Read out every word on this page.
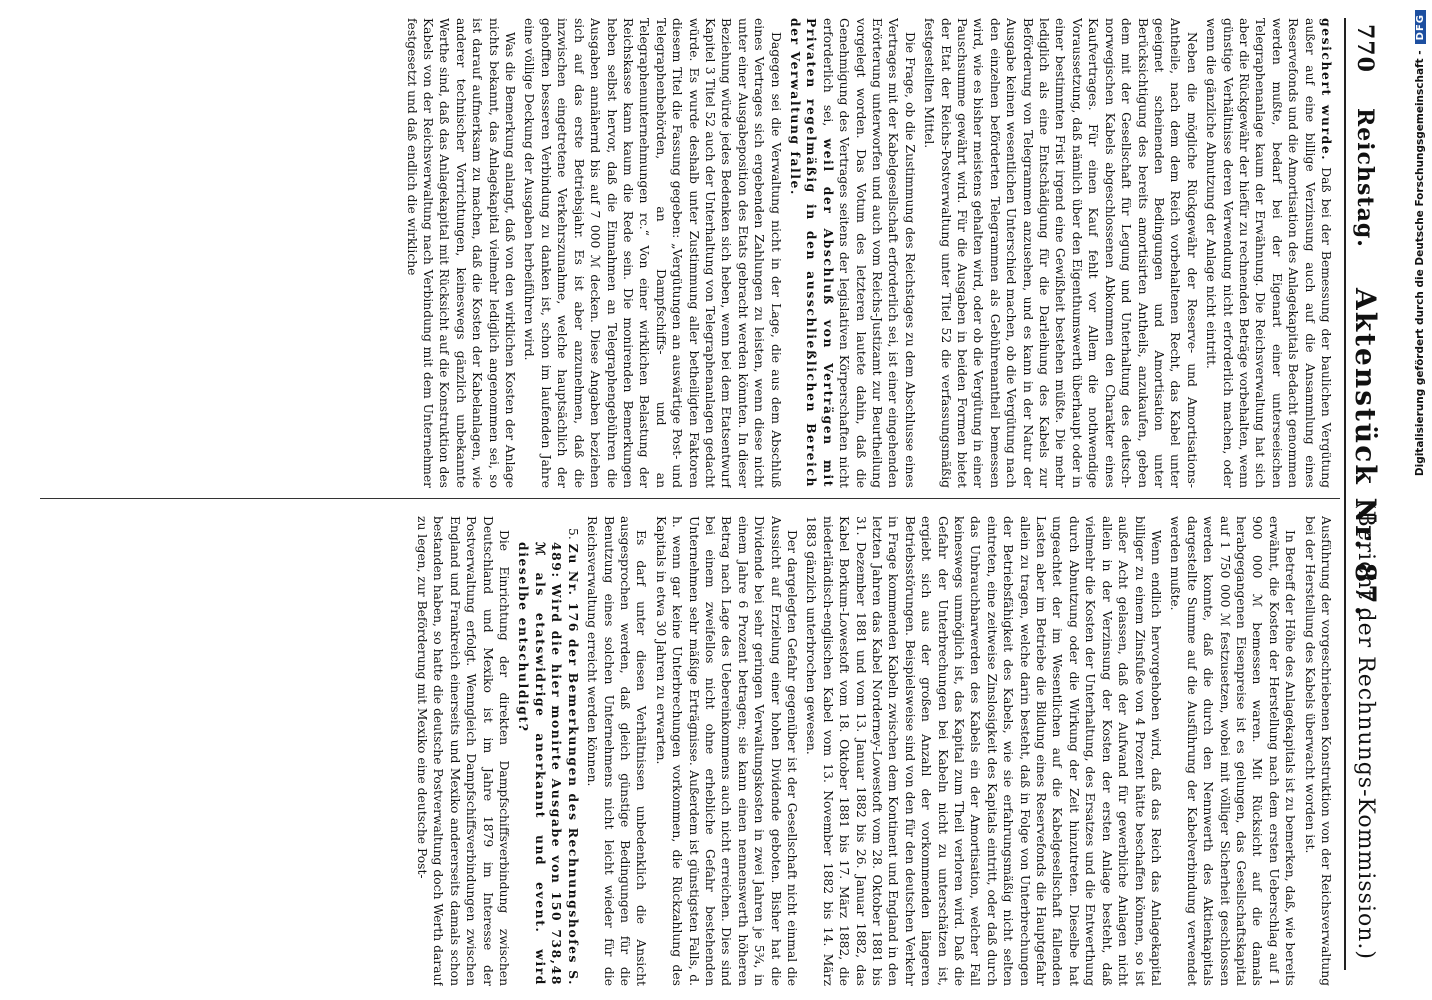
770
Reichstag.
Aktenstück Nr. 87.
(Bericht der Rechnungs-Kommission.)

gesichert wurde. Daß bei der Bemessung der baulichen Vergütung außer auf eine billige Verzinsung auch auf die Ansammlung eines Reservefonds und die Amortisation des Anlagekapitals Bedacht genommen werden mußte, bedarf bei der Eigenart einer unterseeischen Telegraphenanlage kaum der Erwähnung. Die Reichsverwaltung hat sich aber die Rückgewähr der hiefür zu rechnenden Beträge vorbehalten, wenn günstige Verhältnisse deren Verwendung nicht erforderlich machen, oder wenn die gänzliche Abnutzung der Anlage nicht eintritt.

Neben die mögliche Rückgewähr der Reserve- und Amortisations-Antheile, nach dem dem Reich vorbehaltenen Recht, das Kabel unter geeignet scheinenden Bedingungen und Amortisation unter Berücksichtigung des bereits amortisirten Antheils, anzukaufen, geben dem mit der Gesellschaft für Legung und Unterhaltung des deutsch-norwegischen Kabels abgeschlossenen Abkommen den Charakter eines Kaufvertrages. Für einen Kauf fehlt vor Allem die nothwendige Voraussetzung, daß nämlich über den Eigenthumswerth überhaupt oder in einer bestimmten Frist irgend eine Gewißheit bestehen müßte. Die mehr lediglich als eine Entschädigung für die Darleihung des Kabels zur Beförderung von Telegrammen anzusehen, und es kann in der Natur der Ausgabe keinen wesentlichen Unterschied machen, ob die Vergütung nach den einzelnen beförderten Telegrammen als Gebührenantheil bemessen wird, wie es bisher meistens gehalten wird, oder ob die Vergütung in einer Pauschsumme gewährt wird. Für die Ausgaben in beiden Formen bietet der Etat der Reichs-Postverwaltung unter Titel 52 die verfassungsmäßig festgestellten Mittel.

Die Frage, ob die Zustimmung des Reichstages zu dem Abschlusse eines Vertrages mit der Kabelgesellschaft erforderlich sei, ist einer eingehenden Erörterung unterworfen und auch vom Reichs-Justizamt zur Beurtheilung vorgelegt worden. Das Votum des letzteren lautete dahin, daß die Genehmigung des Vertrages seitens der legislativen Körperschaften nicht erforderlich sei, weil der Abschluß von Verträgen mit Privaten regelmäßig in den ausschließlichen Bereich der Verwaltung falle.

Dagegen sei die Verwaltung nicht in der Lage, die aus dem Abschluß eines Vertrages sich ergebenden Zahlungen zu leisten, wenn diese nicht unter einer Ausgabeposition des Etats gebracht werden könnten. In dieser Beziehung würde jedes Bedenken sich heben, wenn bei dem Etatsentwurf Kapitel 3 Titel 52 auch der Unterhaltung von Telegraphenanlagen gedacht würde. Es wurde deshalb unter Zustimmung aller betheiligten Faktoren diesem Titel die Fassung gegeben: „Vergütungen an auswärtige Post- und Telegraphenbehörden, an Dampfschiffs- und an Telegraphenunternehmungen rc.“ Von einer wirklichen Belastung der Reichskasse kann kaum die Rede sein. Die monirenden Bemerkungen heben selbst hervor, daß die Einnahmen an Telegraphengebühren die Ausgaben annähernd bis auf 7 000 ℳ decken. Diese Angaben beziehen sich auf das erste Betriebsjahr. Es ist aber anzunehmen, daß die inzwischen eingetretene Verkehrszunahme, welche hauptsächlich der gehofften besseren Verbindung zu danken ist, schon im laufenden Jahre eine völlige Deckung der Ausgaben herbeiführen wird.

Was die Bemerkung anlangt, daß von den wirklichen Kosten der Anlage nichts bekannt, das Anlagekapital vielmehr lediglich angenommen sei, so ist darauf aufmerksam zu machen, daß die Kosten der Kabelanlagen, wie anderer technischer Vorrichtungen, keineswegs gänzlich unbekannte Werthe sind, daß das Anlagekapital mit Rücksicht auf die Konstruktion des Kabels von der Reichsverwaltung nach Verbindung mit dem Unternehmer festgesetzt und daß endlich die wirkliche

Ausführung der vorgeschriebenen Konstruktion von der Reichsverwaltung bei der Herstellung des Kabels überwacht worden ist.

In Betreff der Höhe des Anlagekapitals ist zu bemerken, daß, wie bereits erwähnt, die Kosten der Herstellung nach dem ersten Ueberschlag auf 1 900 000 ℳ bemessen waren. Mit Rücksicht auf die damals herabgegangenen Eisenpreise ist es gelungen, das Gesellschaftskapital auf 1 750 000 ℳ festzusetzen, wobei mit völliger Sicherheit geschlossen werden konnte, daß die durch den Nennwerth des Aktienkapitals dargestellte Summe auf die Ausführung der Kabelverbindung verwendet werden mußte.

Wenn endlich hervorgehoben wird, daß das Reich das Anlagekapital billiger zu einem Zinsfuße von 4 Prozent hätte beschaffen können, so ist außer Acht gelassen, daß der Aufwand für gewerbliche Anlagen nicht allein in der Verzinsung der Kosten der ersten Anlage besteht, daß vielmehr die Kosten der Unterhaltung, des Ersatzes und die Entwerthung durch Abnutzung oder die Wirkung der Zeit hinzutreten. Dieselbe hat ungeachtet der im Wesentlichen auf die Kabelgesellschaft fallenden Lasten aber im Betriebe die Bildung eines Reservefonds die Hauptgefahr allein zu tragen, welche darin besteht, daß in Folge von Unterbrechungen der Betriebsfähigkeit des Kabels, wie sie erfahrungsmäßig nicht selten eintreten, eine zeitweise Zinslosigkeit des Kapitals eintritt, oder daß durch das Unbrauchbarwerden des Kabels ein der Amortisation, welcher Fall keineswegs unmöglich ist, das Kapital zum Theil verloren wird. Daß die Gefahr der Unterbrechungen bei Kabeln nicht zu unterschätzen ist, ergiebt sich aus der großen Anzahl der vorkommenden längeren Betriebsstörungen. Beispielsweise sind von den für den deutschen Verkehr in Frage kommenden Kabeln zwischen dem Kontinent und England in den letzten Jahren das Kabel Norderney-Lowestoft vom 28. Oktober 1881 bis 31. Dezember 1881 und vom 13. Januar 1882 bis 26. Januar 1882, das Kabel Borkum-Lowestoft vom 18. Oktober 1881 bis 17. März 1882, die niederländisch-englischen Kabel vom 13. November 1882 bis 14. März 1883 gänzlich unterbrochen gewesen.

Der dargelegten Gefahr gegenüber ist der Gesellschaft nicht einmal die Aussicht auf Erzielung einer hohen Dividende geboten. Bisher hat die Dividende bei sehr geringen Verwaltungskosten in zwei Jahren je 5¾, in einem Jahre 6 Prozent betragen; sie kann einen nennenswerth höheren Betrag nach Lage des Uebereinkommens auch nicht erreichen. Dies sind bei einem zweifellos nicht ohne erhebliche Gefahr bestehenden Unternehmen sehr mäßige Erträgnisse. Außerdem ist günstigsten Falls, d. h. wenn gar keine Unterbrechungen vorkommen, die Rückzahlung des Kapitals in etwa 30 Jahren zu erwarten.

Es darf unter diesen Verhältnissen unbedenklich die Ansicht ausgesprochen werden, daß gleich günstige Bedingungen für die Benutzung eines solchen Unternehmens nicht leicht wieder für die Reichsverwaltung erreicht werden können.

5. Zu Nr. 176 der Bemerkungen des Rechnungshofes S. 489: Wird die hier monirte Ausgabe von 150 738,48 ℳ als etatswidrige anerkannt und event. wird dieselbe entschuldigt?

Die Einrichtung der direkten Dampfschiffsverbindung zwischen Deutschland und Mexiko ist im Jahre 1879 im Interesse der Postverwaltung erfolgt. Wenngleich Dampfschiffsverbindungen zwischen England und Frankreich einerseits und Mexiko andererseits damals schon bestanden haben, so hatte die deutsche Postverwaltung doch Werth darauf zu legen, zur Beförderung mit Mexiko eine deutsche Post-

Digitalisierung gefördert durch die Deutsche Forschungsgemeinschaft -DFG
